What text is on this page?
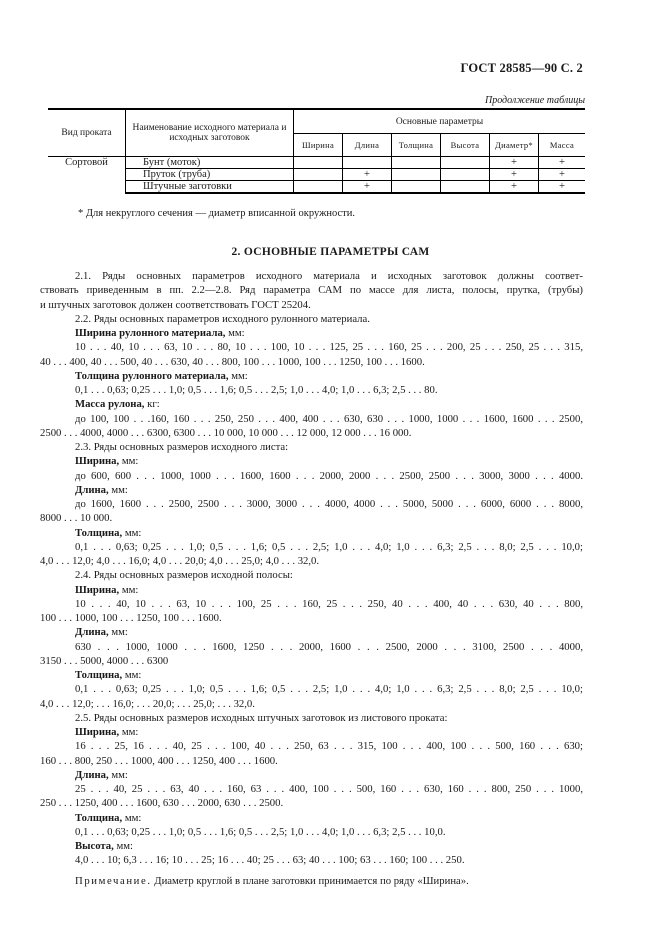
ГОСТ 28585—90 С. 2
Продолжение таблицы
Вид проката	Наименование исходного материала и исходных заготовок	Основные параметры					
		Ширина	Длина	Толщина	Высота	Диаметр*	Масса
Сортовой	Бунт (моток)					+	+
	Пруток (труба)		+			+	+
	Штучные заготовки		+			+	+
* Для некруглого сечения — диаметр вписанной окружности.
2. ОСНОВНЫЕ ПАРАМЕТРЫ САМ

2.1. Ряды основных параметров исходного материала и исходных заготовок должны соответ-

ствовать приведенным в пп. 2.2—2.8. Ряд параметра САМ по массе для листа, полосы, прутка, (трубы)

и штучных заготовок должен соответствовать ГОСТ 25204.

2.2. Ряды основных параметров исходного рулонного материала.

Ширина рулонного материала, мм:

10 . . . 40, 10 . . . 63, 10 . . . 80, 10 . . . 100, 10 . . . 125, 25 . . . 160, 25 . . . 200, 25 . . . 250, 25 . . . 315,

40 . . . 400, 40 . . . 500, 40 . . . 630, 40 . . . 800, 100 . . . 1000, 100 . . . 1250, 100 . . . 1600.

Толщина рулонного материала, мм:

0,1 . . . 0,63; 0,25 . . . 1,0; 0,5 . . . 1,6; 0,5 . . . 2,5; 1,0 . . . 4,0; 1,0 . . . 6,3; 2,5 . . . 80.

Масса рулона, кг:

до 100, 100 . . .160, 160 . . . 250, 250 . . . 400, 400 . . . 630, 630 . . . 1000, 1000 . . . 1600, 1600 . . . 2500,

2500 . . . 4000, 4000 . . . 6300, 6300 . . . 10 000, 10 000 . . . 12 000, 12 000 . . . 16 000.

2.3. Ряды основных размеров исходного листа:

Ширина, мм:

до 600, 600 . . . 1000, 1000 . . . 1600, 1600 . . . 2000, 2000 . . . 2500, 2500 . . . 3000, 3000 . . . 4000.

Длина, мм:

до 1600, 1600 . . . 2500, 2500 . . . 3000, 3000 . . . 4000, 4000 . . . 5000, 5000 . . . 6000, 6000 . . . 8000,

8000 . . . 10 000.

Толщина, мм:

0,1 . . . 0,63; 0,25 . . . 1,0; 0,5 . . . 1,6; 0,5 . . . 2,5; 1,0 . . . 4,0; 1,0 . . . 6,3; 2,5 . . . 8,0; 2,5 . . . 10,0;

4,0 . . . 12,0; 4,0 . . . 16,0; 4,0 . . . 20,0; 4,0 . . . 25,0; 4,0 . . . 32,0.

2.4. Ряды основных размеров исходной полосы:

Ширина, мм:

10 . . . 40, 10 . . . 63, 10 . . . 100, 25 . . . 160, 25 . . . 250, 40 . . . 400, 40 . . . 630, 40 . . . 800,

100 . . . 1000, 100 . . . 1250, 100 . . . 1600.

Длина, мм:

630 . . . 1000, 1000 . . . 1600, 1250 . . . 2000, 1600 . . . 2500, 2000 . . . 3100, 2500 . . . 4000,

3150 . . . 5000, 4000 . . . 6300

Толщина, мм:

0,1 . . . 0,63; 0,25 . . . 1,0; 0,5 . . . 1,6; 0,5 . . . 2,5; 1,0 . . . 4,0; 1,0 . . . 6,3; 2,5 . . . 8,0; 2,5 . . . 10,0;

4,0 . . . 12,0; . . . 16,0; . . . 20,0; . . . 25,0; . . . 32,0.

2.5. Ряды основных размеров исходных штучных заготовок из листового проката:

Ширина, мм:

16 . . . 25, 16 . . . 40, 25 . . . 100, 40 . . . 250, 63 . . . 315, 100 . . . 400, 100 . . . 500, 160 . . . 630;

160 . . . 800, 250 . . . 1000, 400 . . . 1250, 400 . . . 1600.

Длина, мм:

25 . . . 40, 25 . . . 63, 40 . . . 160, 63 . . . 400, 100 . . . 500, 160 . . . 630, 160 . . . 800, 250 . . . 1000,

250 . . . 1250, 400 . . . 1600, 630 . . . 2000, 630 . . . 2500.

Толщина, мм:

0,1 . . . 0,63; 0,25 . . . 1,0; 0,5 . . . 1,6; 0,5 . . . 2,5; 1,0 . . . 4,0; 1,0 . . . 6,3; 2,5 . . . 10,0.

Высота, мм:

4,0 . . . 10; 6,3 . . . 16; 10 . . . 25; 16 . . . 40; 25 . . . 63; 40 . . . 100; 63 . . . 160; 100 . . . 250.

Примечание. Диаметр круглой в плане заготовки принимается по ряду «Ширина».
